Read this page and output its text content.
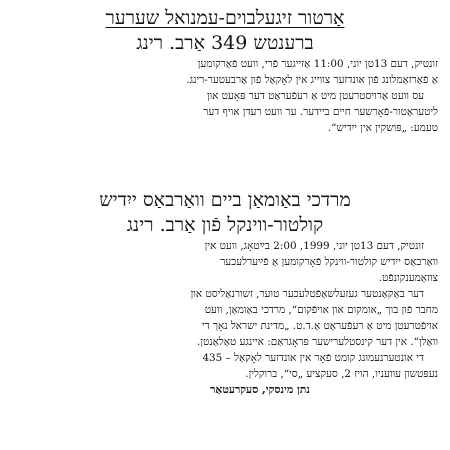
אַרטור זיגעלבוים-עמנואל שערער
ברענטש 349 אַרב. רינג

זונטיק, דעם 13טן יוני, 11:00 אַזייגער פֿרי, וועט פֿאַרקומען
אַ פֿאַרזאַמלונג פֿון אונדזער צווייג אין לאָקאַל פֿון אַרבעטער-רינג.

עס וועט אַרויסטרעטן מיט אַ רעפֿעראַט דער פּאָעט און
ליטעראַטור-פֿאָרשער חיים ביידער. ער וועט רעדן אויף דער
טעמע: „פּושקין אין ייִדיש“.

מרדכי באַומאַן ביים וואַרבאַס ייִדיש
קולטור-ווינקל פֿון אַרב. רינג

זונטיק, דעם 13טן יוני, 1999, 2:00 בײַטאָג, וועט אין
וואַרבאַס ייִדיש קולטור-ווינקל פֿאָרקומען אַ פֿײַערלעכער
צוזאַמענקונפֿט.

דער באַקאַנטער געזעלשאַפֿטלעכער טוער, זשורנאַליסט און
מחבר פֿון בוך „אומקום און אויפֿקום“, מרדכי באַומאַן, וועט
אויפֿטרעטן מיט אַ רעפֿעראַט אַ.ד.ט. „מדינת ישראל נאָך די
וואַלן“. אין דער קינסטלערישער פּראָגראַם: איינגע טאַלאַנטן.

די אונטערנעמונג קומט פֿאָר אין אונדזער לאָקאַל – 435
נעפּטשון עוועניו, הויז 2, סעקציע „סי“, ברוקלין.

נתן מינסקי, סעקרעטאַר
